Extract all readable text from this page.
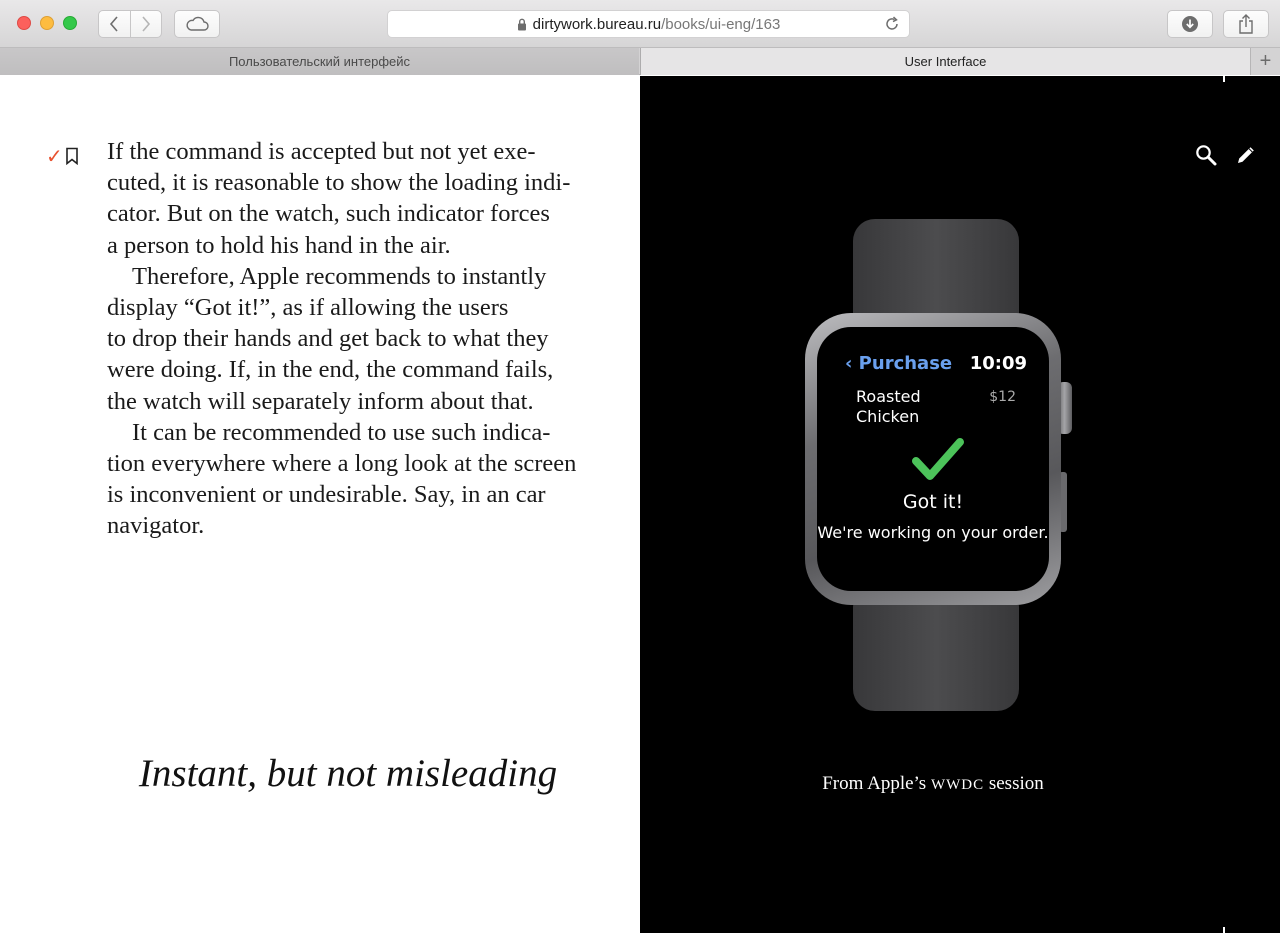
dirtywork.bureau.ru /books/ui-eng/163
Пользовательский интерфейс	User Interface	+
✓ If the command is accepted but not yet exe-
cuted, it is reasonable to show the loading indi-
cator. But on the watch, such indicator forces
a person to hold his hand in the air.
Therefore, Apple recommends to instantly
display “Got it!”, as if allowing the users
to drop their hands and get back to what they
were doing. If, in the end, the command fails,
the watch will separately inform about that.
It can be recommended to use such indica-
tion everywhere where a long look at the screen
is inconvenient or undesirable. Say, in an car
navigator.
Instant, but not misleading
‹ Purchase 10:09
Roasted Chicken
$12
Got it!
We're working on your order.
From Apple’s WWDC session
